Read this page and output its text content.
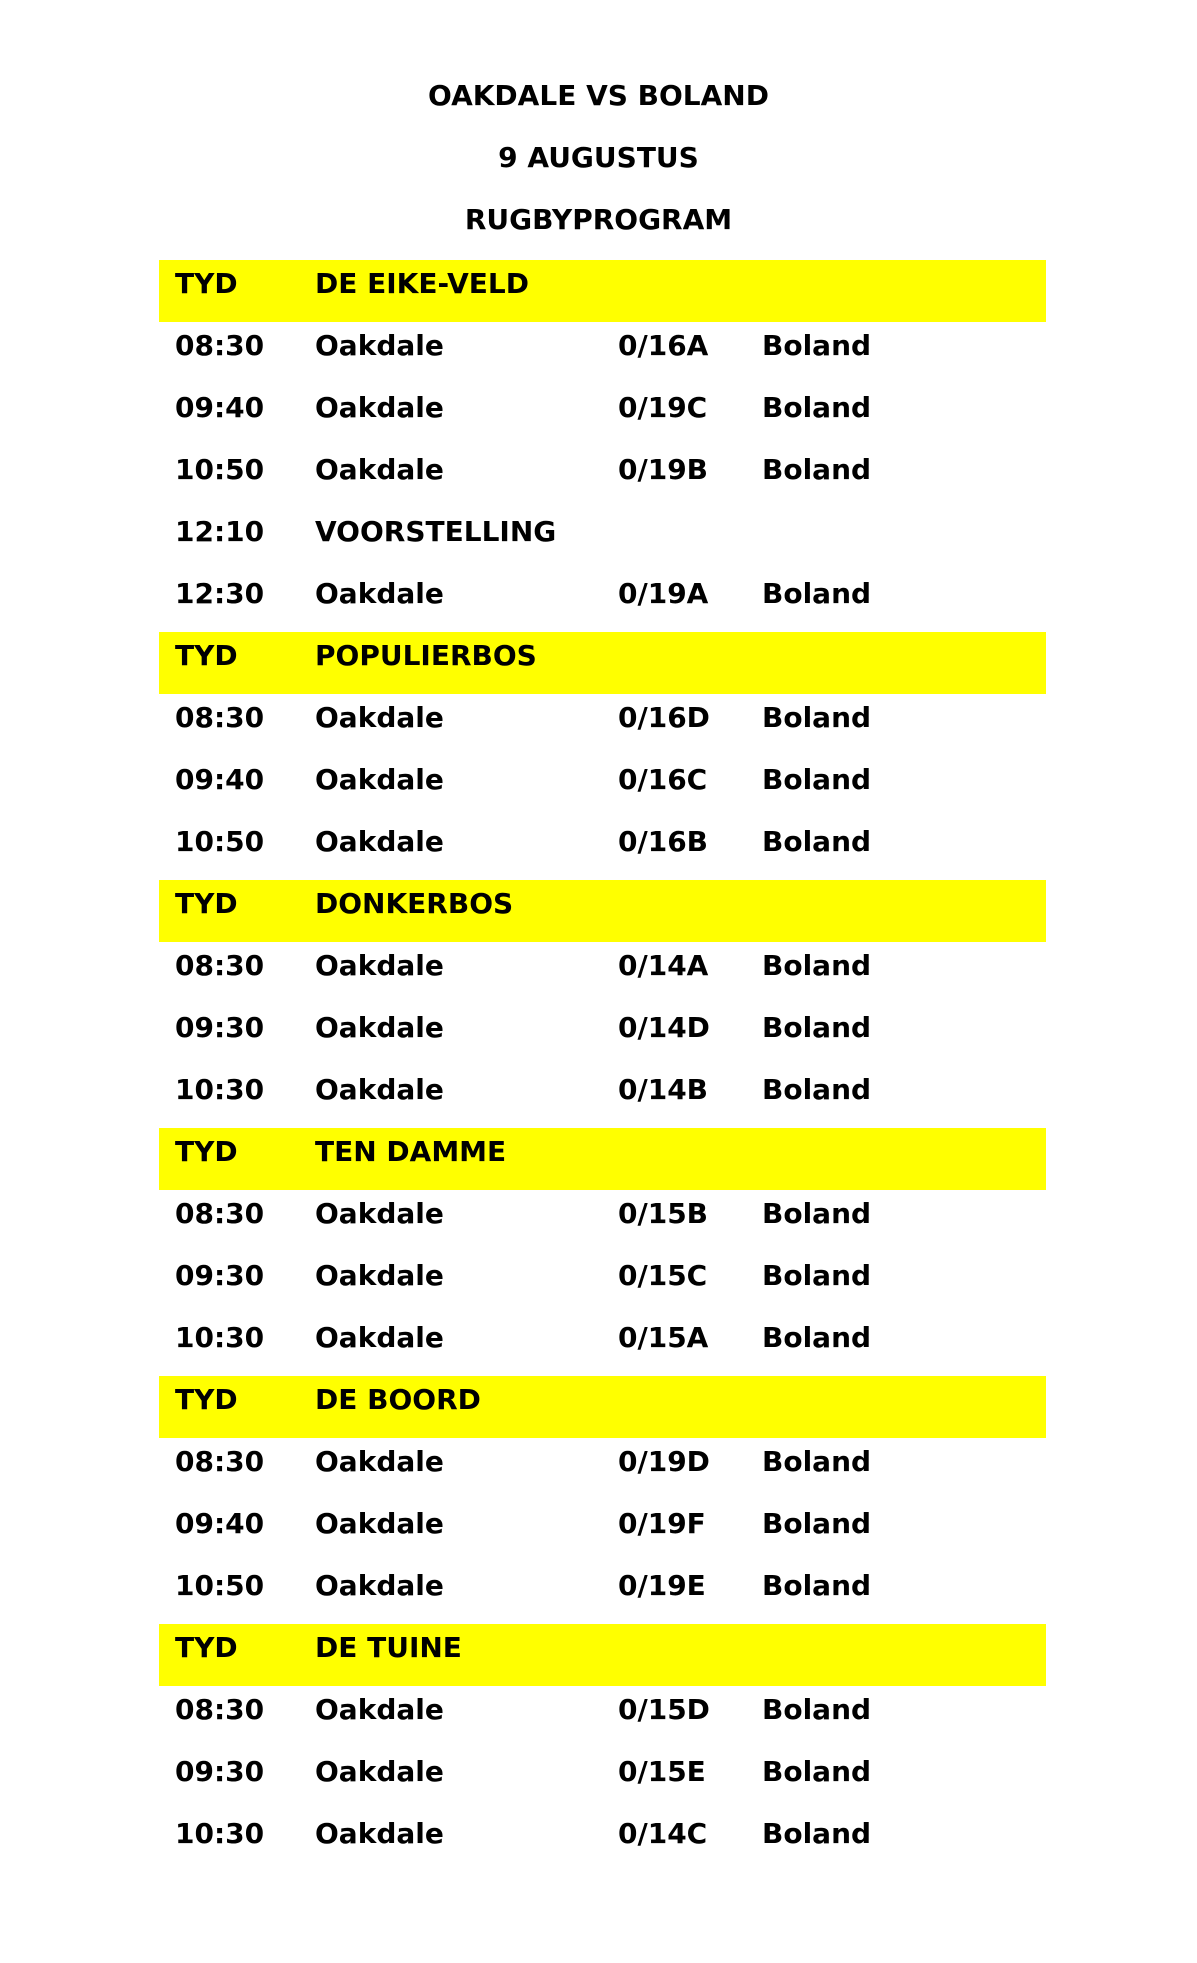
OAKDALE VS BOLAND
9 AUGUSTUS
RUGBYPROGRAM
TYD	DE EIKE-VELD
08:30 Oakdale	0/16A Boland
09:40 Oakdale	0/19C Boland
10:50 Oakdale	0/19B Boland
12:10 VOORSTELLING
12:30 Oakdale	0/19A Boland
TYD	POPULIERBOS
08:30 Oakdale	0/16D Boland
09:40 Oakdale	0/16C Boland
10:50 Oakdale	0/16B Boland
TYD	DONKERBOS
08:30 Oakdale	0/14A Boland
09:30 Oakdale	0/14D Boland
10:30 Oakdale	0/14B Boland
TYD	TEN DAMME
08:30 Oakdale	0/15B Boland
09:30 Oakdale	0/15C Boland
10:30 Oakdale	0/15A Boland
TYD	DE BOORD
08:30 Oakdale	0/19D Boland
09:40 Oakdale	0/19F Boland
10:50 Oakdale	0/19E Boland
TYD	DE TUINE
08:30 Oakdale	0/15D Boland
09:30 Oakdale	0/15E Boland
10:30 Oakdale	0/14C Boland
